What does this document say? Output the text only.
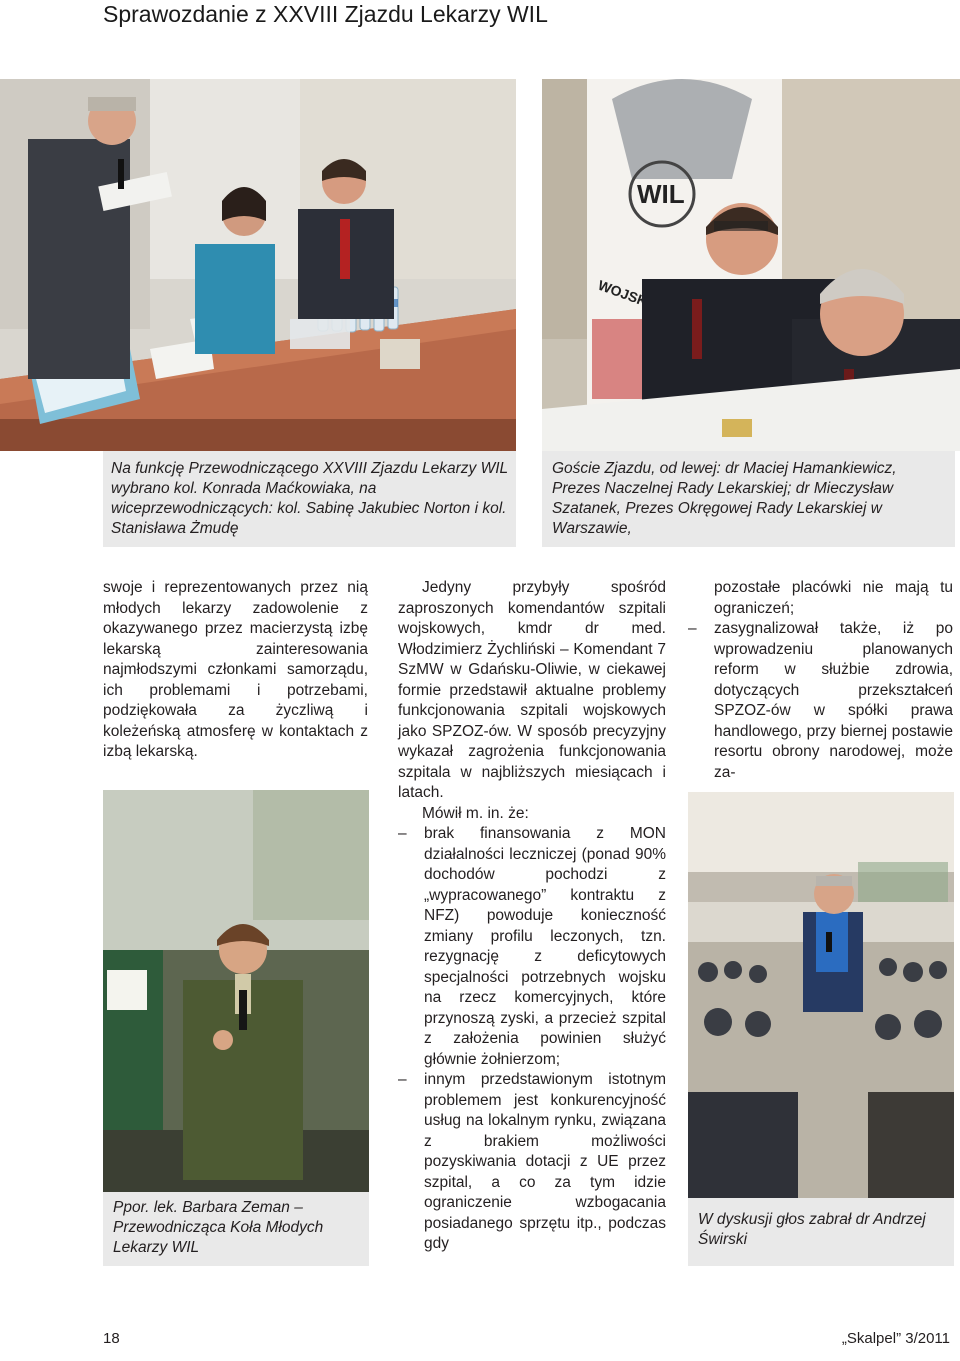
Sprawozdanie z XXVIII Zjazdu Lekarzy WIL
WIL
WOJSKOWA
Na funkcję Przewodniczącego XXVIII Zjazdu Lekarzy WIL wybrano kol. Konrada Maćkowiaka, na wiceprzewodniczących: kol. Sabinę Jakubiec Norton i kol. Stanisława Żmudę
Goście Zjazdu, od lewej: dr Maciej Hamankiewicz, Prezes Naczelnej Rady Lekarskiej; dr Mieczysław Szatanek, Prezes Okręgowej Rady Lekarskiej w Warszawie,

swoje i reprezentowanych przez nią młodych lekarzy zadowolenie z okazywanego przez macierzystą izbę lekarską zainteresowania najmłodszymi członkami samorządu, ich problemami i potrzebami, podziękowała za życzliwą i koleżeńską atmosferę w kontaktach z izbą lekarską.

Ppor. lek. Barbara Zeman – Przewodnicząca Koła Młodych Lekarzy WIL

Jedyny przybyły spośród zaproszonych komendantów szpitali wojskowych, kmdr dr med. Włodzimierz Żychliński – Komendant 7 SzMW w Gdańsku-Oliwie, w ciekawej formie przedstawił aktualne problemy funkcjonowania szpitali wojskowych jako SPZOZ-ów. W sposób precyzyjny wykazał zagrożenia funkcjonowania szpitala w najbliższych miesiącach i latach.

Mówił m. in. że:

– brak finansowania z MON działalności leczniczej (ponad 90% dochodów pochodzi z „wypracowanego” kontraktu z NFZ) powoduje konieczność zmiany profilu leczonych, tzn. rezygnację z deficytowych specjalności potrzebnych wojsku na rzecz komercyjnych, które przynoszą zyski, a przecież szpital z założenia powinien służyć głównie żołnierzom;

– innym przedstawionym istotnym problemem jest konkurencyjność usług na lokalnym rynku, związana z brakiem możliwości pozyskiwania dotacji z UE przez szpital, a co za tym idzie ograniczenie wzbogacania posiadanego sprzętu itp., podczas gdy

pozostałe placówki nie mają tu ograniczeń;

– zasygnalizował także, iż po wprowadzeniu planowanych reform w służbie zdrowia, dotyczących przekształceń SPZOZ-ów w spółki prawa handlowego, przy biernej postawie resortu obrony narodowej, może za-

W dyskusji głos zabrał dr Andrzej Świrski
18	„Skalpel” 3/2011
